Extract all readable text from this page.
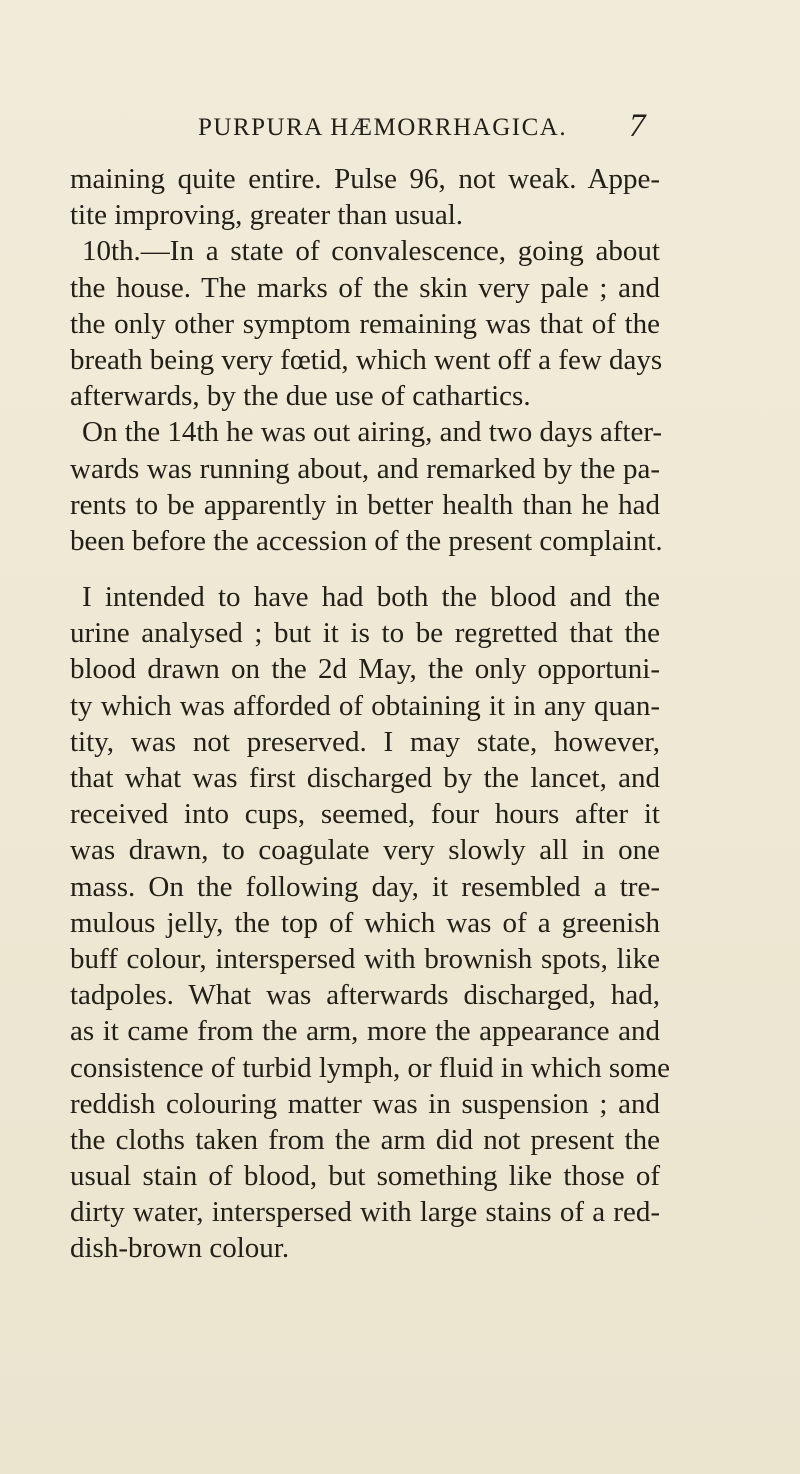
PURPURA HÆMORRHAGICA. 7
maining quite entire. Pulse 96, not weak. Appe-
tite improving, greater than usual.
10th.—In a state of convalescence, going about
the house. The marks of the skin very pale ; and
the only other symptom remaining was that of the
breath being very fœtid, which went off a few days
afterwards, by the due use of cathartics.
On the 14th he was out airing, and two days after-
wards was running about, and remarked by the pa-
rents to be apparently in better health than he had
been before the accession of the present complaint.
I intended to have had both the blood and the
urine analysed ; but it is to be regretted that the
blood drawn on the 2d May, the only opportuni-
ty which was afforded of obtaining it in any quan-
tity, was not preserved. I may state, however,
that what was first discharged by the lancet, and
received into cups, seemed, four hours after it
was drawn, to coagulate very slowly all in one
mass. On the following day, it resembled a tre-
mulous jelly, the top of which was of a greenish
buff colour, interspersed with brownish spots, like
tadpoles. What was afterwards discharged, had,
as it came from the arm, more the appearance and
consistence of turbid lymph, or fluid in which some
reddish colouring matter was in suspension ; and
the cloths taken from the arm did not present the
usual stain of blood, but something like those of
dirty water, interspersed with large stains of a red-
dish-brown colour.
